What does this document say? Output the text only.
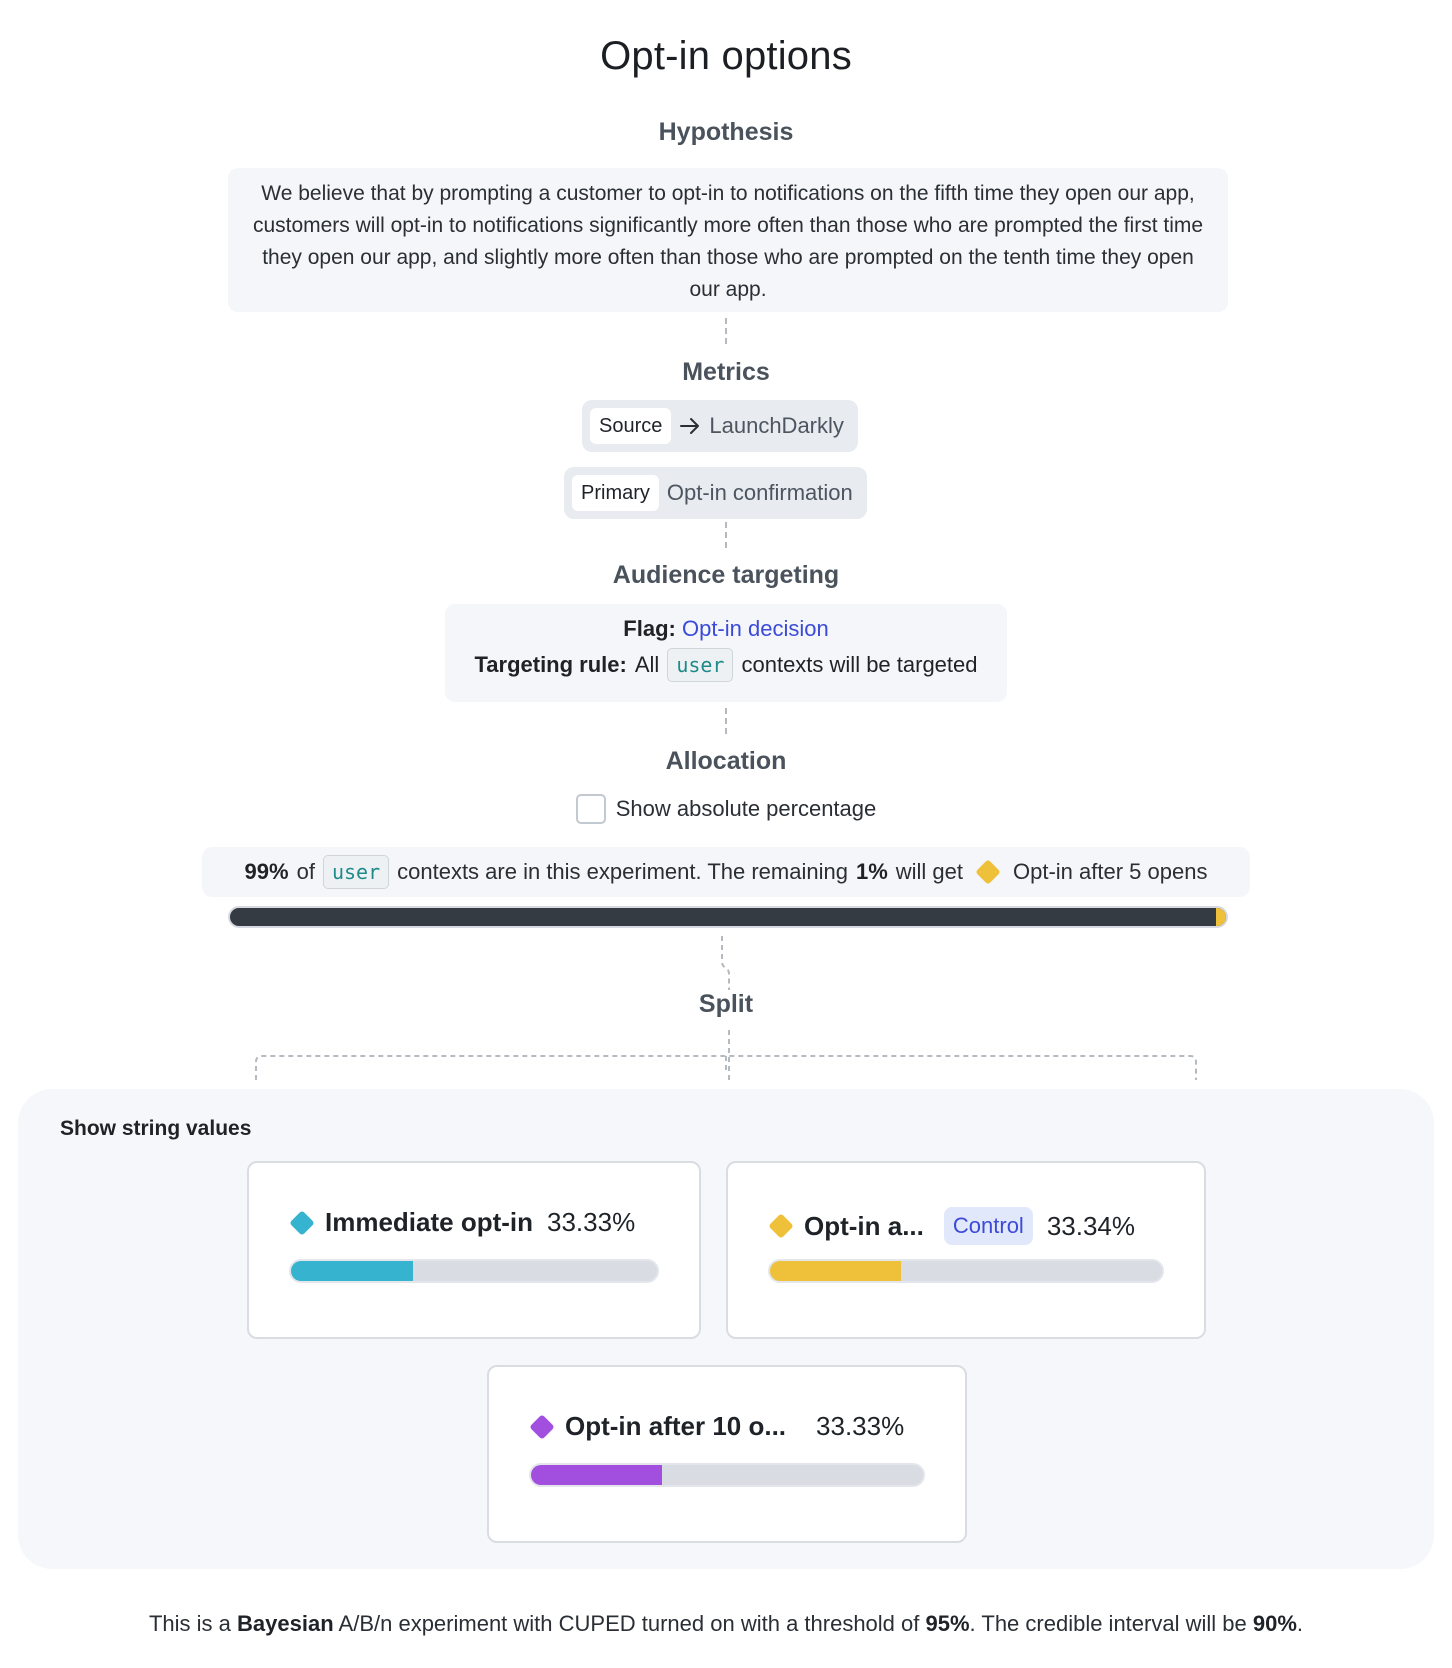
Opt-in options
Hypothesis
We believe that by prompting a customer to opt-in to notifications on the fifth time they open our app, customers will opt-in to notifications significantly more often than those who are prompted the first time they open our app, and slightly more often than those who are prompted on the tenth time they open our app.
Metrics
Source	LaunchDarkly
Primary Opt-in confirmation
Audience targeting
Flag: Opt-in decision
Targeting rule: All user contexts will be targeted
Allocation
Show absolute percentage
99% of user contexts are in this experiment. The remaining 1% will get Opt-in after 5 opens
Split
Show string values
Immediate opt-in 33.33%	Opt-in a...	Control 33.34%
Opt-in after 10 o... 33.33%
This is a Bayesian A/B/n experiment with CUPED turned on with a threshold of 95%. The credible interval will be 90%.
